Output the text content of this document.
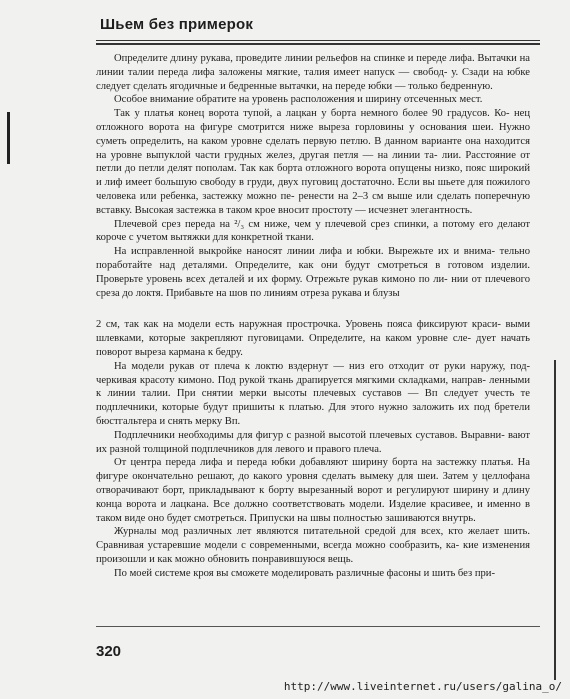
Шьем без примерок

Определите длину рукава, проведите линии рельефов на спинке и переде лифа. Вытачки на линии талии переда лифа заложены мягкие, талия имеет напуск — свобод- у. Сзади на юбке следует сделать ягодичные и бедренные вытачки, на переде юбки — только бедренную.

Особое внимание обратите на уровень расположения и ширину отсеченных мест.

Так у платья конец ворота тупой, а лацкан у борта немного более 90 градусов. Ко- нец отложного ворота на фигуре смотрится ниже выреза горловины у основания шеи. Нужно суметь определить, на каком уровне сделать первую петлю. В данном варианте она находится на уровне выпуклой части грудных желез, другая петля — на линии та- лии. Расстояние от петли до петли делят пополам. Так как борта отложного ворота опущены низко, пояс широкий и лиф имеет большую свободу в груди, двух пуговиц достаточно. Если вы шьете для пожилого человека или ребенка, застежку можно пе- ренести на 2–3 см выше или сделать поперечную вставку. Высокая застежка в таком крое вносит простоту — исчезнет элегантность.

Плечевой срез переда на ²/₃ см ниже, чем у плечевой срез спинки, а потому его делают короче с учетом вытяжки для конкретной ткани.

На исправленной выкройке наносят линии лифа и юбки. Вырежьте их и внима- тельно поработайте над деталями. Определите, как они будут смотреться в готовом изделии. Проверьте уровень всех деталей и их форму. Отрежьте рукав кимоно по ли- нии от плечевого среза до локтя. Прибавьте на шов по линиям отреза рукава и блузы

2 см, так как на модели есть наружная прострочка. Уровень пояса фиксируют краси- выми шлевками, которые закрепляют пуговицами. Определите, на каком уровне сле- дует начать поворот выреза кармана к бедру.

На модели рукав от плеча к локтю вздернут — низ его отходит от руки наружу, под- черкивая красоту кимоно. Под рукой ткань драпируется мягкими складками, направ- ленными к линии талии. При снятии мерки высоты плечевых суставов — Вп следует учесть те подплечники, которые будут пришиты к платью. Для этого нужно заложить их под бретели бюстгальтера и снять мерку Вп.

Подплечники необходимы для фигур с разной высотой плечевых суставов. Выравни- вают их разной толщиной подплечников для левого и правого плеча.

От центра переда лифа и переда юбки добавляют ширину борта на застежку платья. На фигуре окончательно решают, до какого уровня сделать вымеку для шеи. Затем у целлофана отворачивают борт, прикладывают к борту вырезанный ворот и регулируют ширину и длину конца ворота и лацкана. Все должно соответствовать модели. Изделие красивее, и именно в таком виде оно будет смотреться. Припуски на швы полностью зашиваются внутрь.

Журналы мод различных лет являются питательной средой для всех, кто желает шить. Сравнивая устаревшие модели с современными, всегда можно сообразить, ка- кие изменения произошли и как можно обновить понравившуюся вещь.

По моей системе кроя вы сможете моделировать различные фасоны и шить без при-

320
http://www.liveinternet.ru/users/galina_o/
